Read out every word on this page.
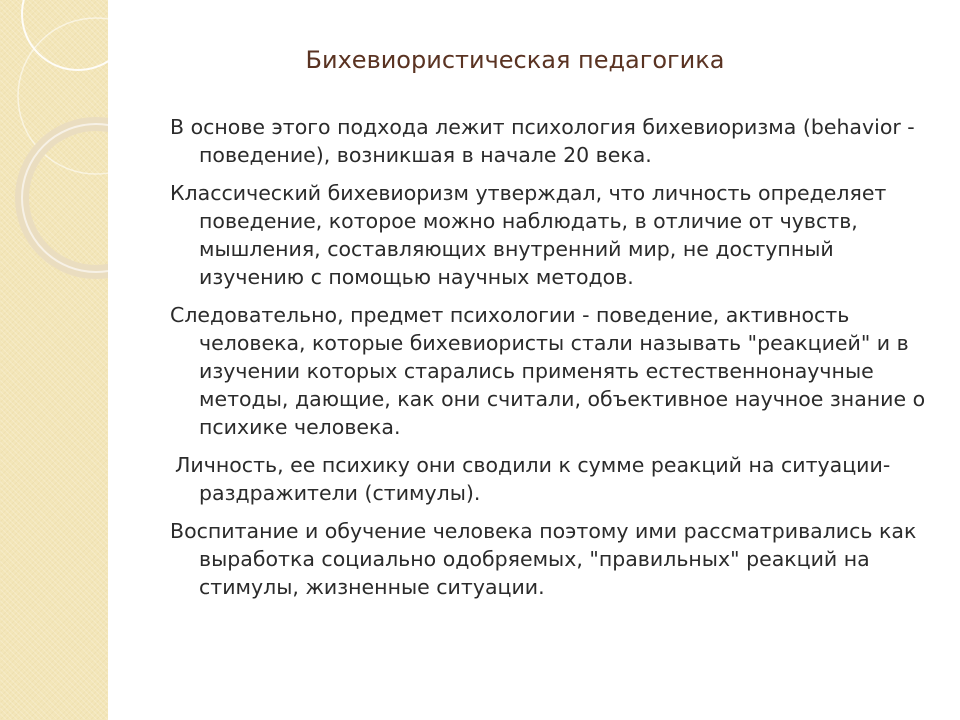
Бихевиористическая педагогика

В основе этого подхода лежит психология бихевиоризма (behavior - поведение), возникшая в начале 20 века.

Классический бихевиоризм утверждал, что личность определяет поведение, которое можно наблюдать, в отличие от чувств, мышления, составляющих внутренний мир, не доступный изучению с помощью научных методов.

Следовательно, предмет психологии - поведение, активность человека, которые бихевиористы стали называть "реакцией" и в изучении которых старались применять естественнонаучные методы, дающие, как они считали, объективное научное знание о психике человека.

Личность, ее психику они сводили к сумме реакций на ситуации-раздражители (стимулы).

Воспитание и обучение человека поэтому ими рассматривались как выработка социально одобряемых, "правильных" реакций на стимулы, жизненные ситуации.
